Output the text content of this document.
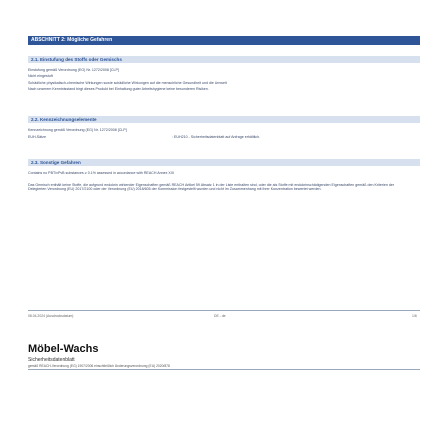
ABSCHNITT 2: Mögliche Gefahren
2.1. Einstufung des Stoffs oder Gemischs
Einstufung gemäß Verordnung (EG) Nr. 1272/2008 [CLP]
Nicht eingestuft
Schädliche physikalisch-chemische Wirkungen sowie schädliche Wirkungen auf die menschliche Gesundheit und die Umwelt
Nach unserem Kenntnisstand birgt dieses Produkt bei Einhaltung guter Arbeitshygiene keine besonderen Risiken.
2.2. Kennzeichnungselemente
Kennzeichnung gemäß Verordnung (EG) Nr. 1272/2008 [CLP]
EUH-Sätze	: EUH210 - Sicherheitsdatenblatt auf Anfrage erhältlich.
2.3. Sonstige Gefahren
Contains no PBT/vPvB substances ≥ 0.1% assessed in accordance with REACH Annex XIII
Das Gemisch enthält keine Stoffe, die aufgrund endokrin wirkender Eigenschaften gemäß REACH Artikel 59 Absatz 1 in der Liste enthalten sind, oder die als Stoffe mit endokrinschädigenden Eigenschaften gemäß den Kriterien der Delegierten Verordnung (EU) 2017/2100 oder der Verordnung (EU) 2018/605 der Kommission festgestellt wurden und nicht im Zusammenhang mit ihrer Konzentration bewertet werden.
08.04.2024 (Ausdrucksdatum)	DE - de	1/6
Möbel-Wachs
Sicherheitsdatenblatt
gemäß REACH-Verordnung (EG) 1907/2006 einschließlich Änderungsverordnung (EU) 2020/878
